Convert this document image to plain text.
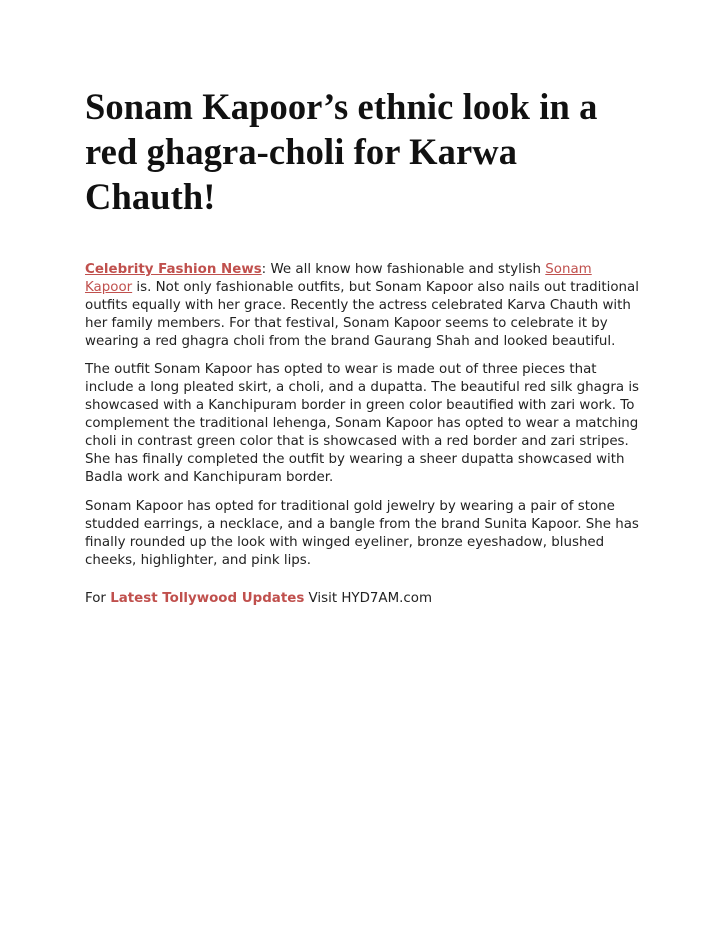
Sonam Kapoor’s ethnic look in a red ghagra-choli for Karwa Chauth!

Celebrity Fashion News: We all know how fashionable and stylish Sonam Kapoor is. Not only fashionable outfits, but Sonam Kapoor also nails out traditional outfits equally with her grace. Recently the actress celebrated Karva Chauth with her family members. For that festival, Sonam Kapoor seems to celebrate it by wearing a red ghagra choli from the brand Gaurang Shah and looked beautiful.

The outfit Sonam Kapoor has opted to wear is made out of three pieces that include a long pleated skirt, a choli, and a dupatta. The beautiful red silk ghagra is showcased with a Kanchipuram border in green color beautified with zari work. To complement the traditional lehenga, Sonam Kapoor has opted to wear a matching choli in contrast green color that is showcased with a red border and zari stripes. She has finally completed the outfit by wearing a sheer dupatta showcased with Badla work and Kanchipuram border.

Sonam Kapoor has opted for traditional gold jewelry by wearing a pair of stone studded earrings, a necklace, and a bangle from the brand Sunita Kapoor. She has finally rounded up the look with winged eyeliner, bronze eyeshadow, blushed cheeks, highlighter, and pink lips.

For Latest Tollywood Updates Visit HYD7AM.com
